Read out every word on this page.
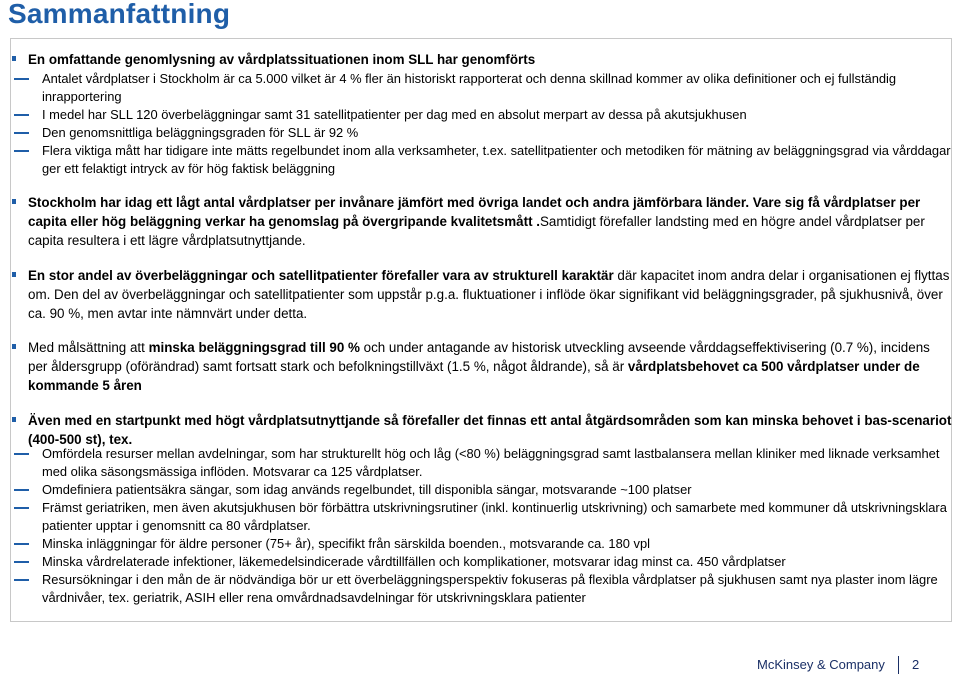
Sammanfattning
En omfattande genomlysning av vårdplatssituationen inom SLL har genomförts
Antalet vårdplatser i Stockholm är ca 5.000 vilket är 4 % fler än historiskt rapporterat och denna skillnad kommer av olika definitioner och ej fullständig inrapportering
I medel har SLL 120 överbeläggningar samt 31 satellitpatienter per dag med en absolut merpart av dessa på akutsjukhusen
Den genomsnittliga beläggningsgraden för SLL är 92 %
Flera viktiga mått har tidigare inte mätts regelbundet inom alla verksamheter, t.ex. satellitpatienter och metodiken för mätning av beläggningsgrad via vårddagar ger ett felaktigt intryck av för hög faktisk beläggning
Stockholm har idag ett lågt antal vårdplatser per invånare jämfört med övriga landet och andra jämförbara länder. Vare sig få vårdplatser per capita eller hög beläggning verkar ha genomslag på övergripande kvalitetsmått .Samtidigt förefaller landsting med en högre andel vårdplatser per capita resultera i ett lägre vårdplatsutnyttjande.
En stor andel av överbeläggningar och satellitpatienter förefaller vara av strukturell karaktär där kapacitet inom andra delar i organisationen ej flyttas om. Den del av överbeläggningar och satellitpatienter som uppstår p.g.a. fluktuationer i inflöde ökar signifikant vid beläggningsgrader, på sjukhusnivå, över ca. 90 %, men avtar inte nämnvärt under detta.
Med målsättning att minska beläggningsgrad till 90 % och under antagande av historisk utveckling avseende vårddagseffektivisering (0.7 %), incidens per åldersgrupp (oförändrad) samt fortsatt stark och befolkningstillväxt (1.5 %, något åldrande), så är vårdplatsbehovet ca 500 vårdplatser under de kommande 5 åren
Även med en startpunkt med högt vårdplatsutnyttjande så förefaller det finnas ett antal åtgärdsområden som kan minska behovet i bas-scenariot (400-500 st), tex.
Omfördela resurser mellan avdelningar, som har strukturellt hög och låg (<80 %) beläggningsgrad samt lastbalansera mellan kliniker med liknade verksamhet med olika säsongsmässiga inflöden. Motsvarar ca 125 vårdplatser.
Omdefiniera patientsäkra sängar, som idag används regelbundet, till disponibla sängar, motsvarande ~100 platser
Främst geriatriken, men även akutsjukhusen bör förbättra utskrivningsrutiner (inkl. kontinuerlig utskrivning) och samarbete med kommuner då utskrivningsklara patienter upptar i genomsnitt ca 80 vårdplatser.
Minska inläggningar för äldre personer (75+ år), specifikt från särskilda boenden., motsvarande ca. 180 vpl
Minska vårdrelaterade infektioner, läkemedelsindicerade vårdtillfällen och komplikationer, motsvarar idag minst ca. 450 vårdplatser
Resursökningar i den mån de är nödvändiga bör ur ett överbeläggningsperspektiv fokuseras på flexibla vårdplatser på sjukhusen samt nya plaster inom lägre vårdnivåer, tex. geriatrik, ASIH eller rena omvårdnadsavdelningar för utskrivningsklara patienter
McKinsey & Company 2
